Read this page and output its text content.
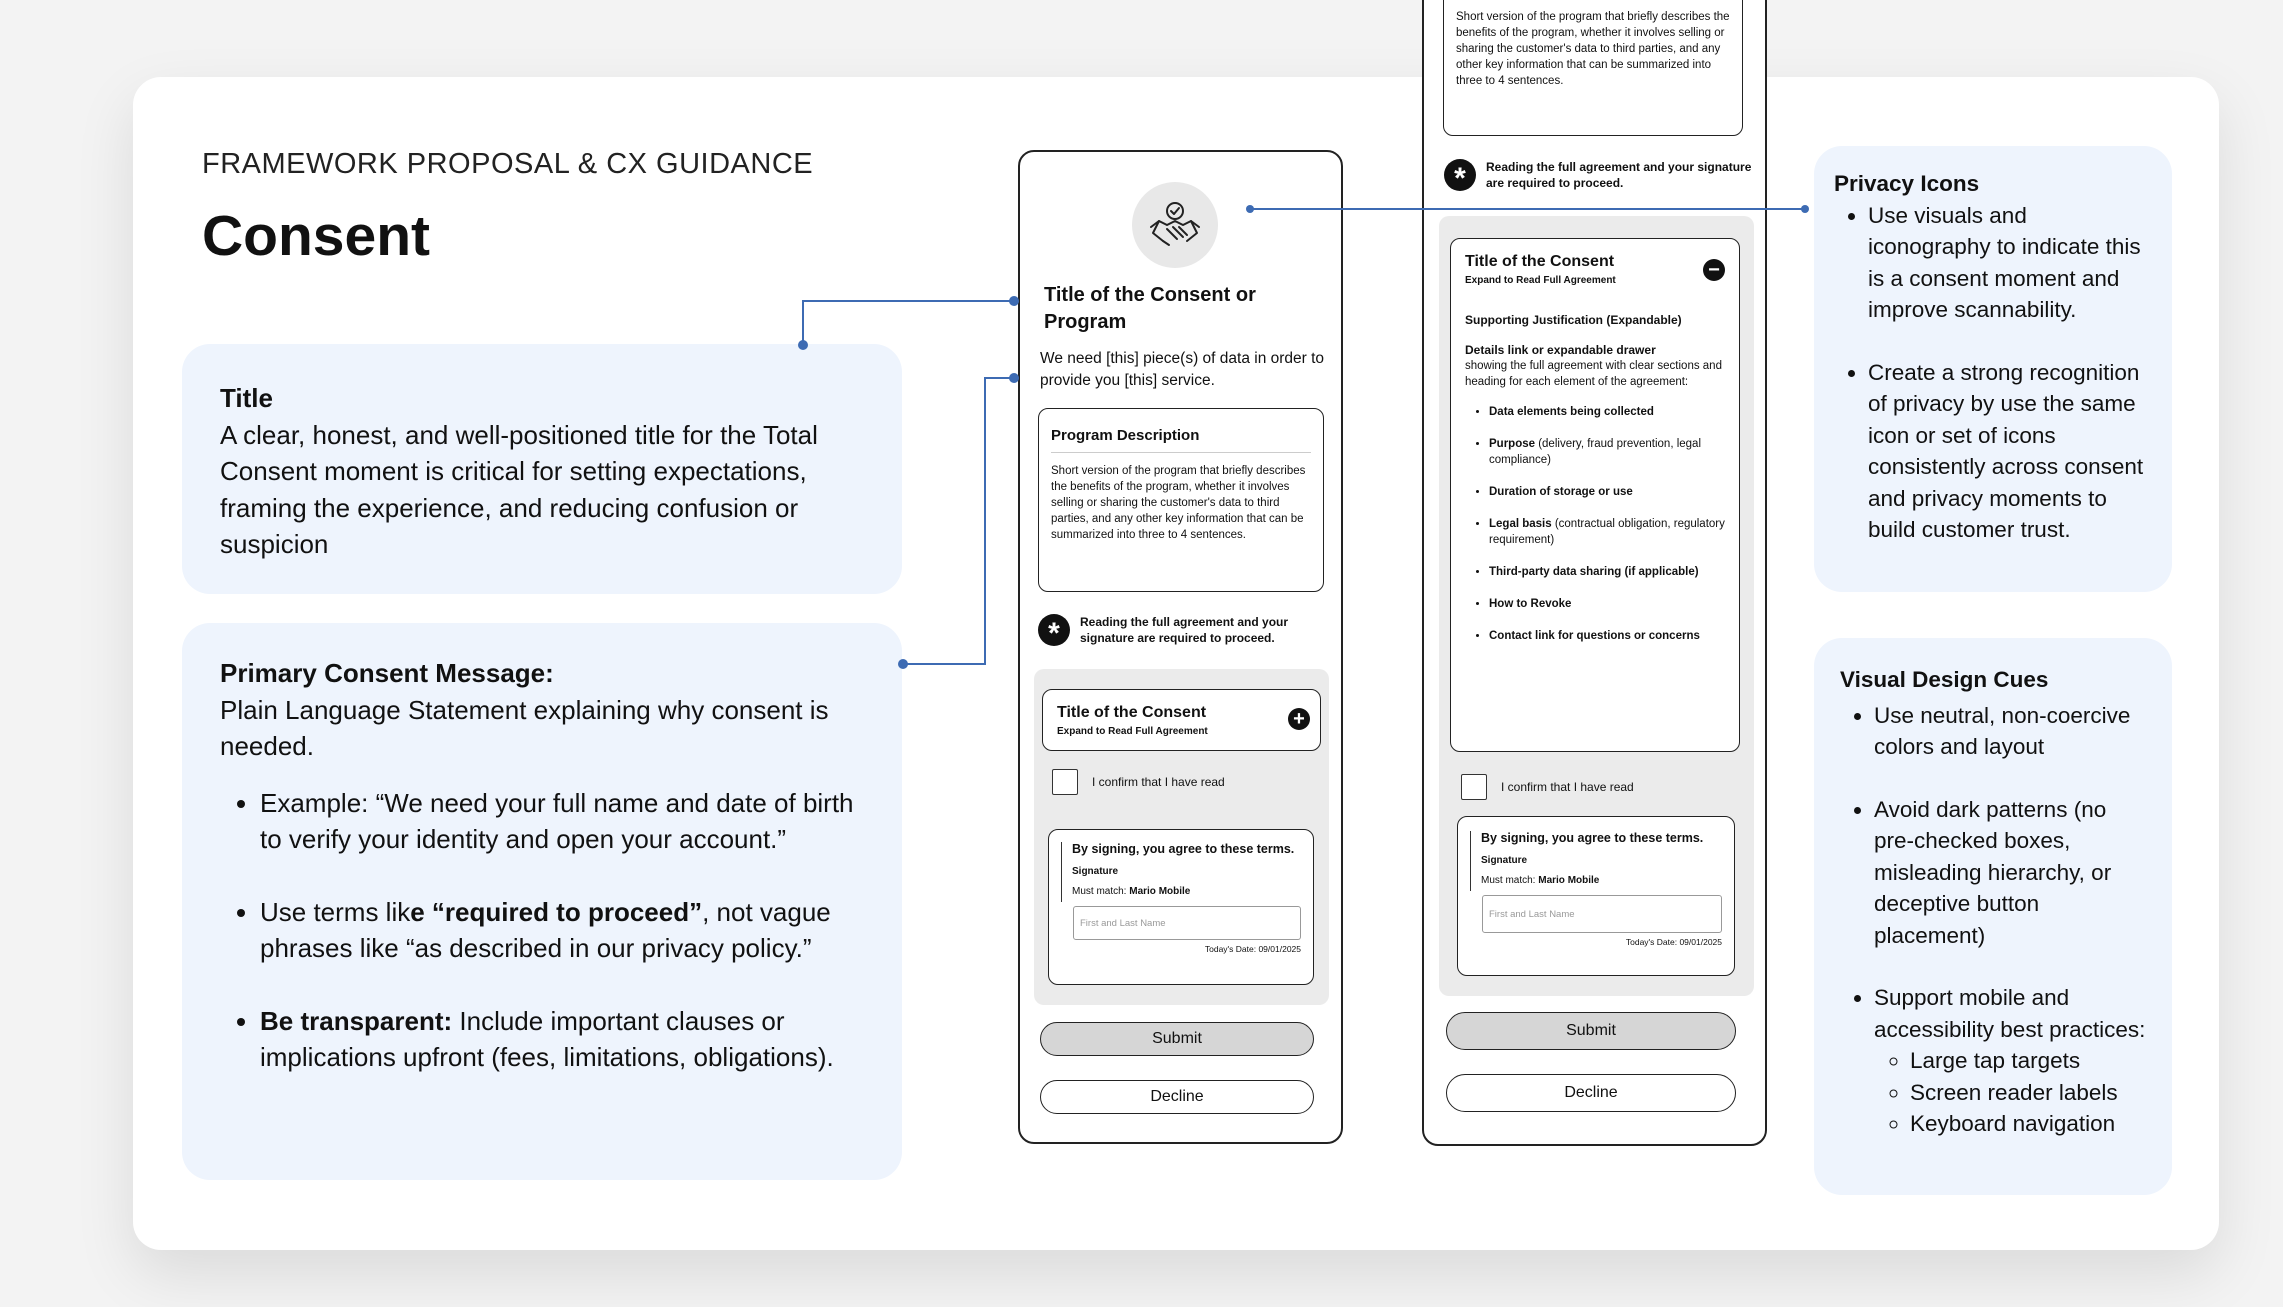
FRAMEWORK PROPOSAL & CX GUIDANCE
Consent
Title
A clear, honest, and well-positioned title for the Total Consent moment is critical for setting expectations, framing the experience, and reducing confusion or suspicion
Primary Consent Message:
Plain Language Statement explaining why consent is needed.
• Example: “We need your full name and date of birth to verify your identity and open your account.”
• Use terms like “required to proceed”, not vague phrases like “as described in our privacy policy.”
• Be transparent: Include important clauses or implications upfront (fees, limitations, obligations).
Privacy Icons
• Use visuals and iconography to indicate this is a consent moment and improve scannability.
• Create a strong recognition of privacy by use the same icon or set of icons consistently across consent and privacy moments to build customer trust.
Visual Design Cues
• Use neutral, non-coercive colors and layout
• Avoid dark patterns (no pre-checked boxes, misleading hierarchy, or deceptive button placement)
• Support mobile and accessibility best practices:
◦ Large tap targets
◦ Screen reader labels
◦ Keyboard navigation
Title of the Consent or Program
We need [this] piece(s) of data in order to provide you [this] service.
Program Description
Short version of the program that briefly describes the benefits of the program, whether it involves selling or sharing the customer's data to third parties, and any other key information that can be summarized into three to 4 sentences.
*	Reading the full agreement and your signature are required to proceed.
Title of the Consent
Expand to Read Full Agreement
+
I confirm that I have read
By signing, you agree to these terms.
Signature
Must match: Mario Mobile
First and Last Name
Today's Date: 09/01/2025
Submit
Decline
Short version of the program that briefly describes the benefits of the program, whether it involves selling or sharing the customer's data to third parties, and any other key information that can be summarized into three to 4 sentences.
*	Reading the full agreement and your signature are required to proceed.
Title of the Consent
Expand to Read Full Agreement	−
Supporting Justification (Expandable)
Details link or expandable drawer
showing the full agreement with clear sections and heading for each element of the agreement:
• Data elements being collected
• Purpose (delivery, fraud prevention, legal compliance)
• Duration of storage or use
• Legal basis (contractual obligation, regulatory requirement)
• Third-party data sharing (if applicable)
• How to Revoke
• Contact link for questions or concerns
I confirm that I have read
By signing, you agree to these terms.
Signature
Must match: Mario Mobile
First and Last Name
Today's Date: 09/01/2025
Submit
Decline
